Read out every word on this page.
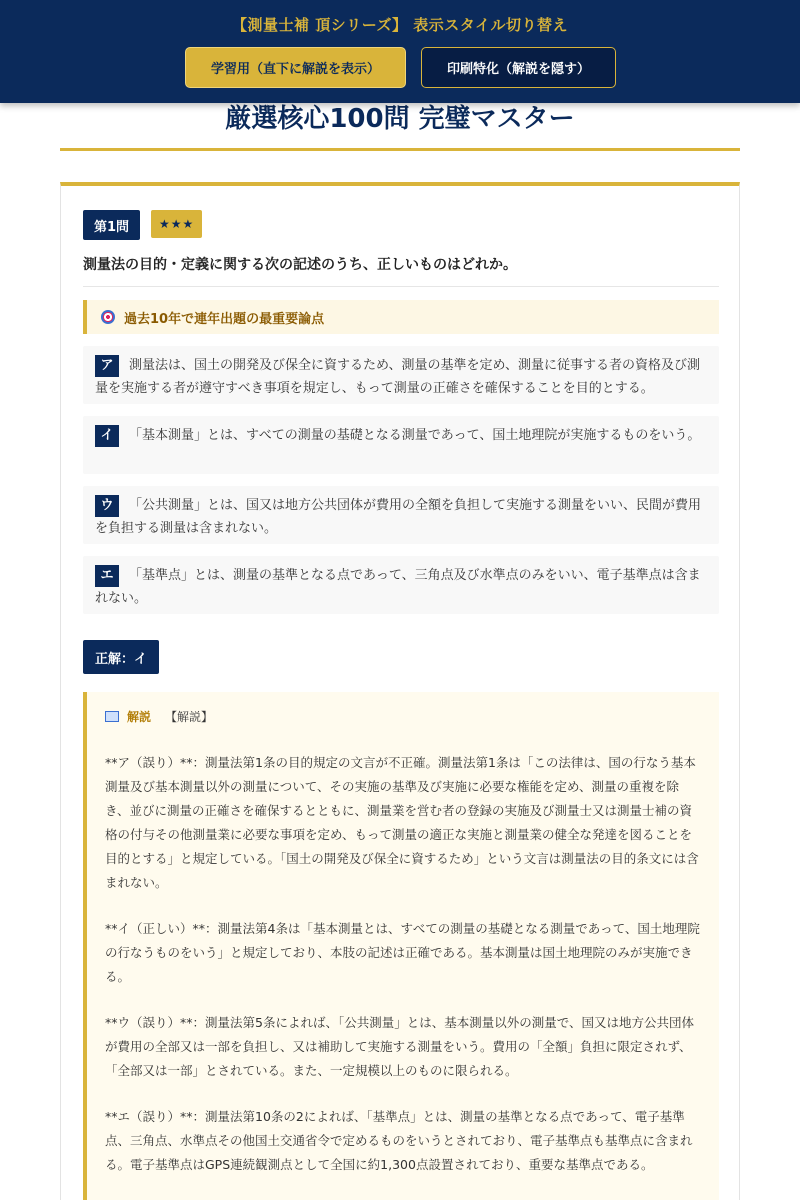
厳選核心100問 完璧マスター
第1問	★★★
測量法の目的・定義に関する次の記述のうち、正しいものはどれか。
過去10年で連年出題の最重要論点
ア 測量法は、国土の開発及び保全に資するため、測量の基準を定め、測量に従事する者の資格及び測量を実施する者が遵守すべき事項を規定し、もって測量の正確さを確保することを目的とする。
イ 「基本測量」とは、すべての測量の基礎となる測量であって、国土地理院が実施するものをいう。
ウ 「公共測量」とは、国又は地方公共団体が費用の全額を負担して実施する測量をいい、民間が費用を負担する測量は含まれない。
エ 「基準点」とは、測量の基準となる点であって、三角点及び水準点のみをいい、電子基準点は含まれない。
正解：イ
解説 【解説】

**ア（誤り）**：測量法第1条の目的規定の文言が不正確。測量法第1条は「この法律は、国の行なう基本測量及び基本測量以外の測量について、その実施の基準及び実施に必要な権能を定め、測量の重複を除き、並びに測量の正確さを確保するとともに、測量業を営む者の登録の実施及び測量士又は測量士補の資格の付与その他測量業に必要な事項を定め、もって測量の適正な実施と測量業の健全な発達を図ることを目的とする」と規定している。「国土の開発及び保全に資するため」という文言は測量法の目的条文には含まれない。

**イ（正しい）**：測量法第4条は「基本測量とは、すべての測量の基礎となる測量であって、国土地理院の行なうものをいう」と規定しており、本肢の記述は正確である。基本測量は国土地理院のみが実施できる。

**ウ（誤り）**：測量法第5条によれば、「公共測量」とは、基本測量以外の測量で、国又は地方公共団体が費用の全部又は一部を負担し、又は補助して実施する測量をいう。費用の「全額」負担に限定されず、「全部又は一部」とされている。また、一定規模以上のものに限られる。

**エ（誤り）**：測量法第10条の2によれば、「基準点」とは、測量の基準となる点であって、電子基準点、三角点、水準点その他国土交通省令で定めるものをいうとされており、電子基準点も基準点に含まれる。電子基準点はGPS連続観測点として全国に約1,300点設置されており、重要な基準点である。

【測量士補 頂シリーズ】 表示スタイル切り替え
学習用（直下に解説を表示）	印刷特化（解説を隠す）
